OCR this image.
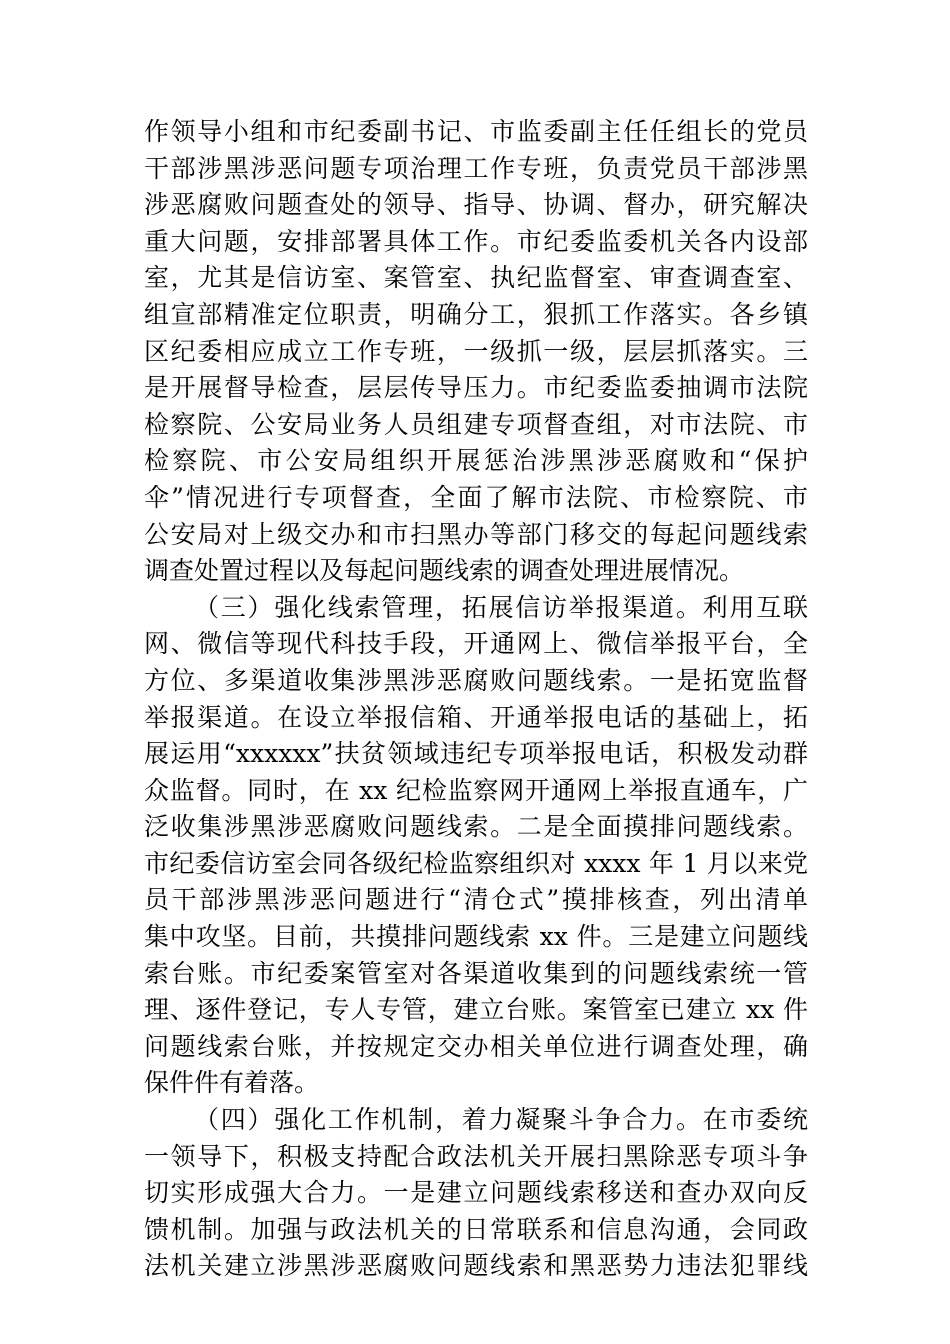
作领导小组和市纪委副书记、市监委副主任任组长的党员
干部涉黑涉恶问题专项治理工作专班，负责党员干部涉黑
涉恶腐败问题查处的领导、指导、协调、督办，研究解决
重大问题，安排部署具体工作。市纪委监委机关各内设部
室，尤其是信访室、案管室、执纪监督室、审查调查室、
组宣部精准定位职责，明确分工，狠抓工作落实。各乡镇
区纪委相应成立工作专班，一级抓一级，层层抓落实。三
是开展督导检查，层层传导压力。市纪委监委抽调市法院
检察院、公安局业务人员组建专项督查组，对市法院、市
检察院、市公安局组织开展惩治涉黑涉恶腐败和“保护
伞”情况进行专项督查，全面了解市法院、市检察院、市
公安局对上级交办和市扫黑办等部门移交的每起问题线索
调查处置过程以及每起问题线索的调查处理进展情况。
（三）强化线索管理，拓展信访举报渠道。利用互联
网、微信等现代科技手段，开通网上、微信举报平台，全
方位、多渠道收集涉黑涉恶腐败问题线索。一是拓宽监督
举报渠道。在设立举报信箱、开通举报电话的基础上，拓
展运用“xxxxxx”扶贫领域违纪专项举报电话，积极发动群
众监督。同时，在 xx 纪检监察网开通网上举报直通车，广
泛收集涉黑涉恶腐败问题线索。二是全面摸排问题线索。
市纪委信访室会同各级纪检监察组织对 xxxx 年 1 月以来党
员干部涉黑涉恶问题进行“清仓式”摸排核查，列出清单
集中攻坚。目前，共摸排问题线索 xx 件。三是建立问题线
索台账。市纪委案管室对各渠道收集到的问题线索统一管
理、逐件登记，专人专管，建立台账。案管室已建立 xx 件
问题线索台账，并按规定交办相关单位进行调查处理，确
保件件有着落。
（四）强化工作机制，着力凝聚斗争合力。在市委统
一领导下，积极支持配合政法机关开展扫黑除恶专项斗争
切实形成强大合力。一是建立问题线索移送和查办双向反
馈机制。加强与政法机关的日常联系和信息沟通，会同政
法机关建立涉黑涉恶腐败问题线索和黑恶势力违法犯罪线
